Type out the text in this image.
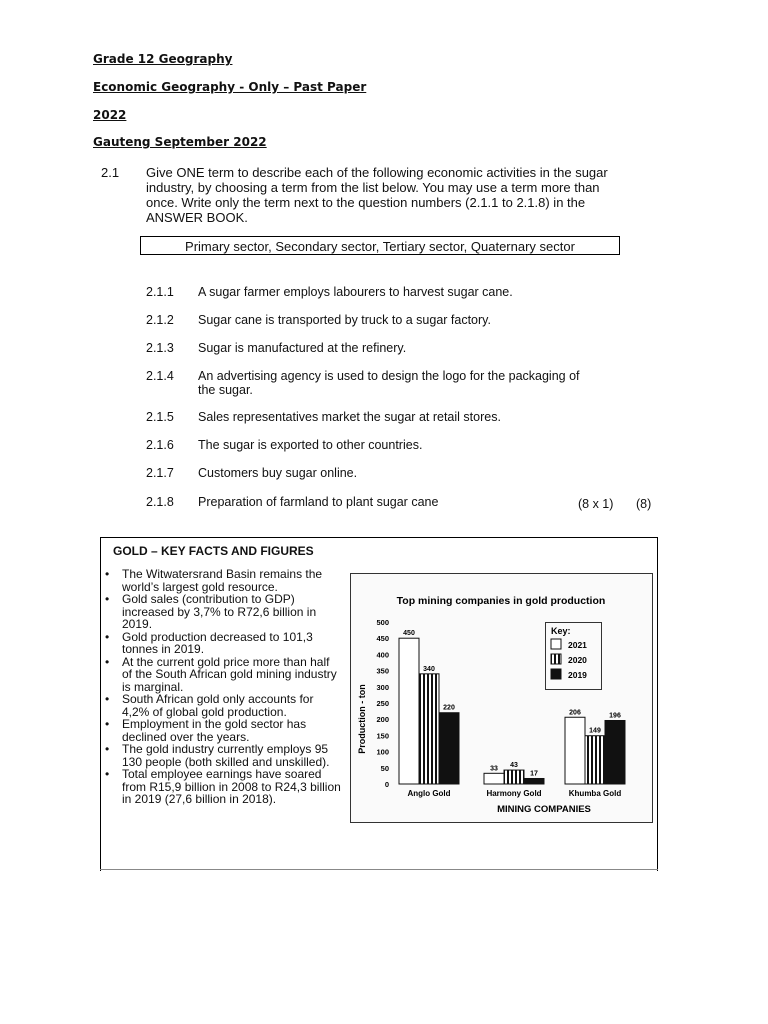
Grade 12 Geography
Economic Geography - Only – Past Paper
2022
Gauteng September 2022
2.1 Give ONE term to describe each of the following economic activities in the sugar industry, by choosing a term from the list below. You may use a term more than once. Write only the term next to the question numbers (2.1.1 to 2.1.8) in the ANSWER BOOK.
Primary sector, Secondary sector, Tertiary sector, Quaternary sector
2.1.1	A sugar farmer employs labourers to harvest sugar cane.
2.1.2	Sugar cane is transported by truck to a sugar factory.
2.1.3	Sugar is manufactured at the refinery.
2.1.4	An advertising agency is used to design the logo for the packaging of the sugar.
2.1.5	Sales representatives market the sugar at retail stores.
2.1.6	The sugar is exported to other countries.
2.1.7	Customers buy sugar online.
2.1.8	Preparation of farmland to plant sugar cane	(8 x 1) (8)
GOLD – KEY FACTS AND FIGURES
• The Witwatersrand Basin remains the world’s largest gold resource.
• Gold sales (contribution to GDP) increased by 3,7% to R72,6 billion in 2019.
• Gold production decreased to 101,3 tonnes in 2019.
• At the current gold price more than half of the South African gold mining industry is marginal.
• South African gold only accounts for 4,2% of global gold production.
• Employment in the gold sector has declined over the years.
• The gold industry currently employs 95 130 people (both skilled and unskilled).
• Total employee earnings have soared from R15,9 billion in 2008 to R24,3 billion in 2019 (27,6 billion in 2018).
Top mining companies in gold production
Production - ton
MINING COMPANIES
0
50
100
150
200
250
300
350
400
450
500
450
340
220
Anglo Gold
33 43
17
Harmony Gold
206
149
196
Khumba Gold
Key:
2021
2020
2019
